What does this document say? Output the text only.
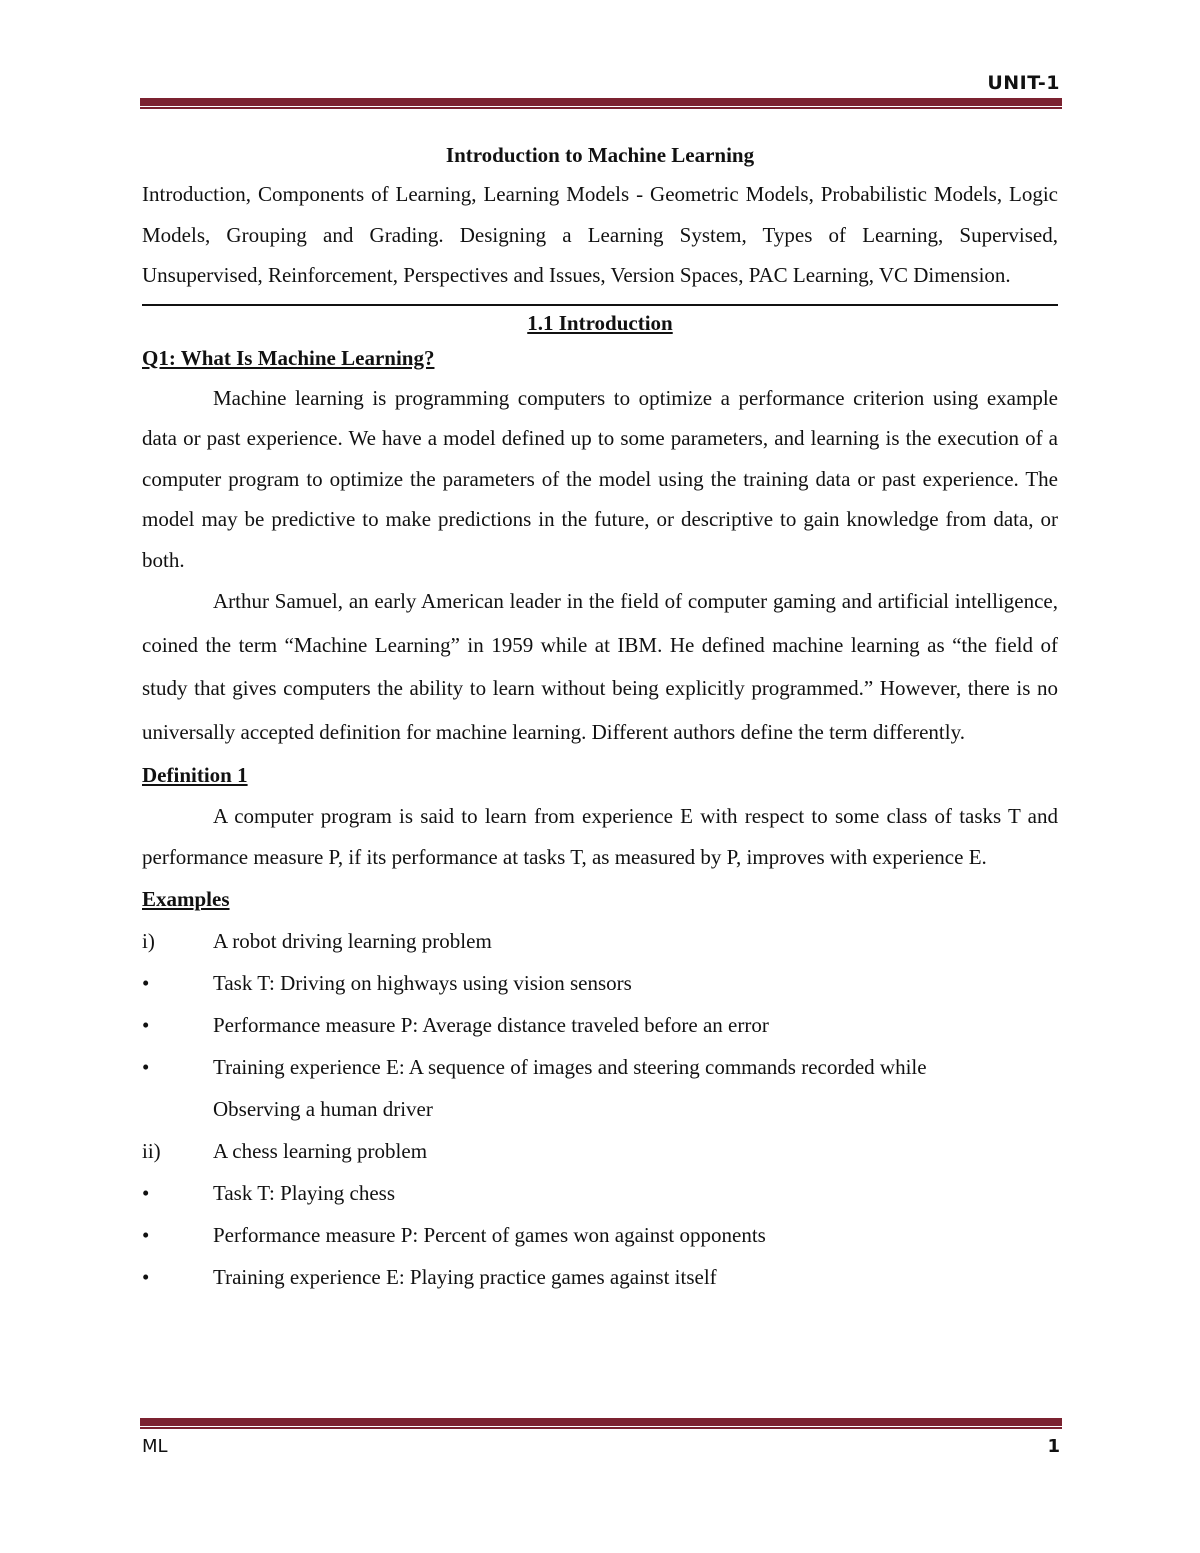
UNIT-1

Introduction to Machine Learning

Introduction, Components of Learning, Learning Models - Geometric Models, Probabilistic Models, Logic Models, Grouping and Grading. Designing a Learning System, Types of Learning, Supervised, Unsupervised, Reinforcement, Perspectives and Issues, Version Spaces, PAC Learning, VC Dimension.

1.1 Introduction

Q1: What Is Machine Learning?

Machine learning is programming computers to optimize a performance criterion using example data or past experience. We have a model defined up to some parameters, and learning is the execution of a computer program to optimize the parameters of the model using the training data or past experience. The model may be predictive to make predictions in the future, or descriptive to gain knowledge from data, or both.

Arthur Samuel, an early American leader in the field of computer gaming and artificial intelligence, coined the term “Machine Learning” in 1959 while at IBM. He defined machine learning as “the field of study that gives computers the ability to learn without being explicitly programmed.” However, there is no universally accepted definition for machine learning. Different authors define the term differently.

Definition 1

A computer program is said to learn from experience E with respect to some class of tasks T and performance measure P, if its performance at tasks T, as measured by P, improves with experience E.

Examples

i)	A robot driving learning problem
•	Task T: Driving on highways using vision sensors
•	Performance measure P: Average distance traveled before an error
•	Training experience E: A sequence of images and steering commands recorded while
Observing a human driver
ii)	A chess learning problem
•	Task T: Playing chess
•	Performance measure P: Percent of games won against opponents
•	Training experience E: Playing practice games against itself
ML	1
